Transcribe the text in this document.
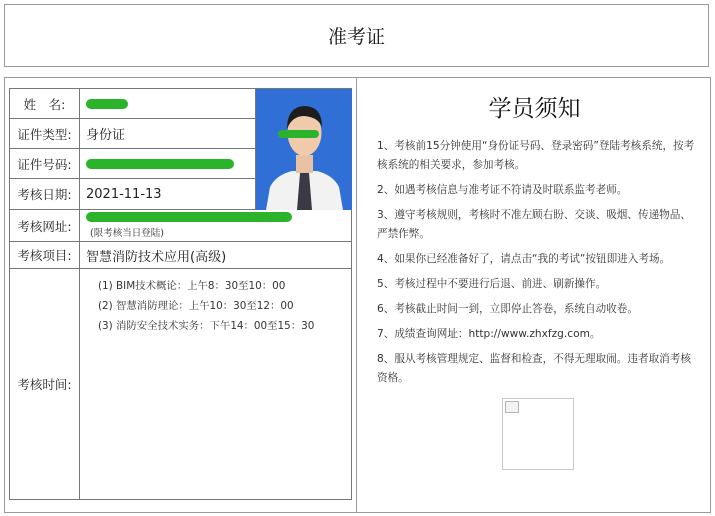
准考证
姓　名:
证件类型:	身份证
证件号码:
考核日期:	2021-11-13
考核网址:	(限考核当日登陆)
考核项目:	智慧消防技术应用(高级)
考核时间:
(1) BIM技术概论：上午8：30至10：00
(2) 智慧消防理论：上午10：30至12：00
(3) 消防安全技术实务：下午14：00至15：30
学员须知
1、考核前15分钟使用“身份证号码、登录密码”登陆考核系统，按考核系统的相关要求，参加考核。
2、如遇考核信息与准考证不符请及时联系监考老师。
3、遵守考核规则，考核时不准左顾右盼、交谈、吸烟、传递物品、严禁作弊。
4、如果你已经准备好了，请点击“我的考试”按钮即进入考场。
5、考核过程中不要进行后退、前进、刷新操作。
6、考核截止时间一到，立即停止答卷，系统自动收卷。
7、成绩查询网址：http://www.zhxfzg.com。
8、服从考核管理规定、监督和检查，不得无理取闹。违者取消考核资格。
